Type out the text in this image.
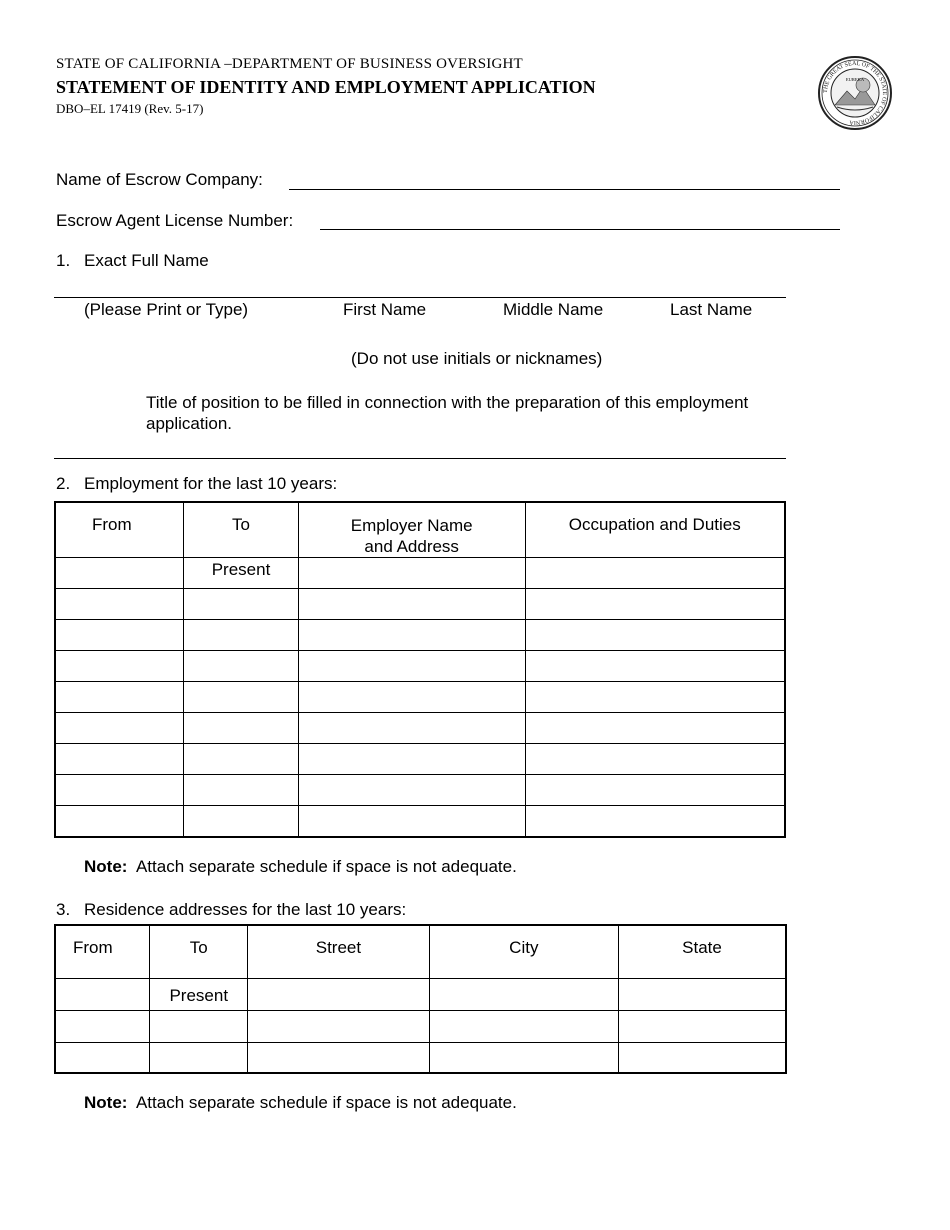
STATE OF CALIFORNIA –DEPARTMENT OF BUSINESS OVERSIGHT
STATEMENT OF IDENTITY AND EMPLOYMENT APPLICATION
DBO–EL 17419 (Rev. 5-17)
THE GREAT SEAL OF THE STATE OF CALIFORNIA
EUREKA
Name of Escrow Company:
Escrow Agent License Number:
1. Exact Full Name
(Please Print or Type)	First Name	Middle Name	Last Name
(Do not use initials or nicknames)
Title of position to be filled in connection with the preparation of this employment application.
2. Employment for the last 10 years:
From	To	Employer Name and Address	Occupation and Duties
	Present		

Note: Attach separate schedule if space is not adequate.
3. Residence addresses for the last 10 years:
From	To	Street	City	State
	Present			

Note: Attach separate schedule if space is not adequate.
